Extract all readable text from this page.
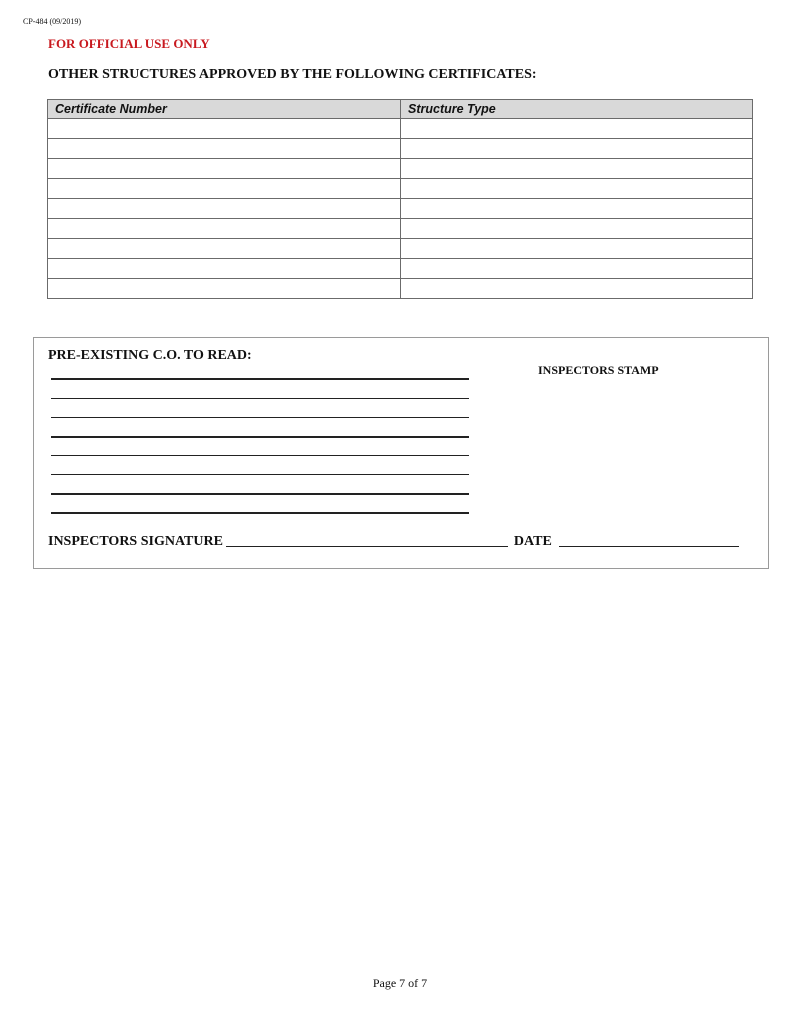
CP-484 (09/2019)
FOR OFFICIAL USE ONLY
OTHER STRUCTURES APPROVED BY THE FOLLOWING CERTIFICATES:
Certificate Number	Structure Type

PRE-EXISTING C.O. TO READ:
INSPECTORS STAMP
INSPECTORS SIGNATURE	DATE
Page 7 of 7
